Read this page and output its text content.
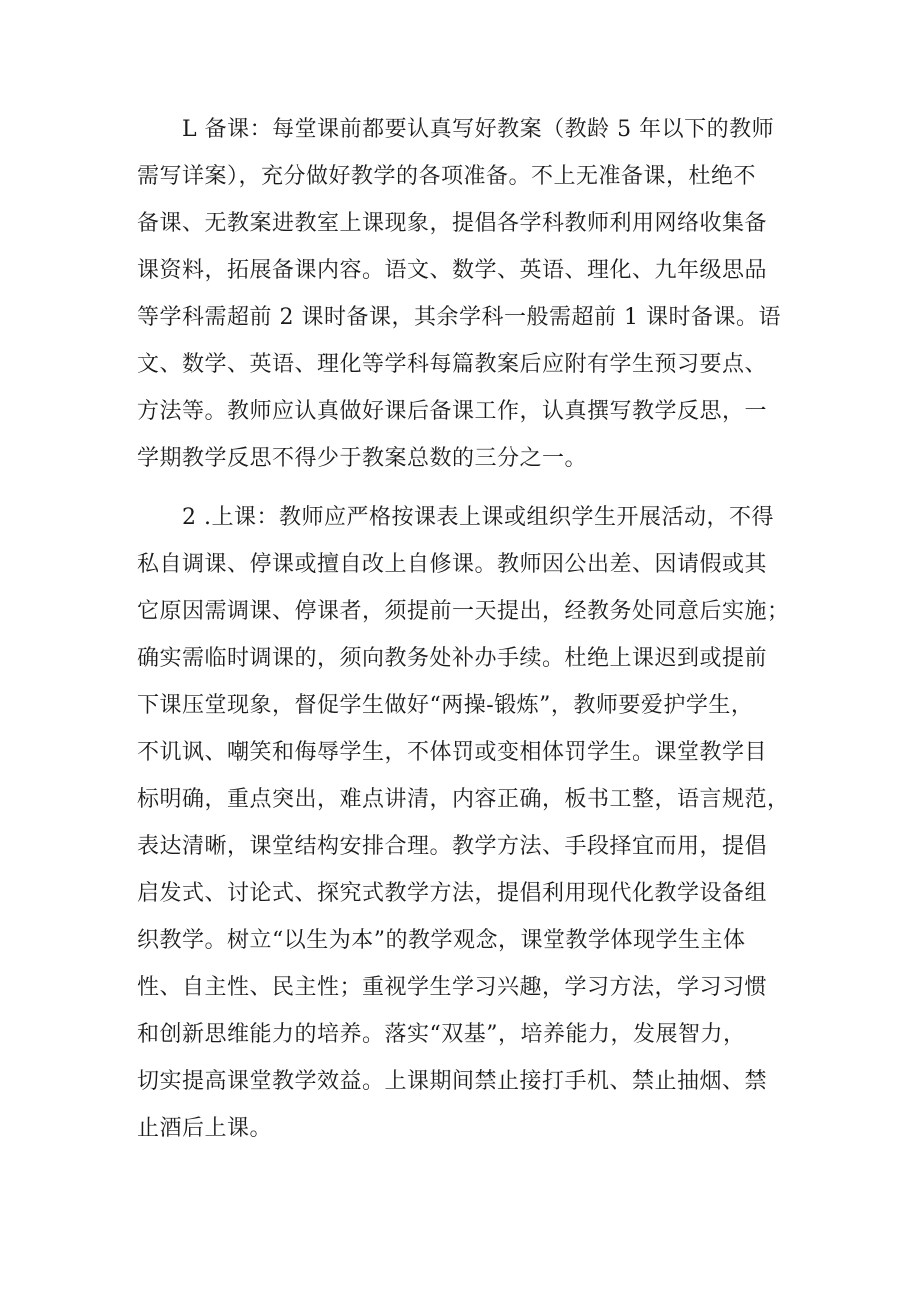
L 备课：每堂课前都要认真写好教案（教龄 5 年以下的教师
需写详案），充分做好教学的各项准备。不上无准备课，杜绝不
备课、无教案进教室上课现象，提倡各学科教师利用网络收集备
课资料，拓展备课内容。语文、数学、英语、理化、九年级思品
等学科需超前 2 课时备课，其余学科一般需超前 1 课时备课。语
文、数学、英语、理化等学科每篇教案后应附有学生预习要点、
方法等。教师应认真做好课后备课工作，认真撰写教学反思，一
学期教学反思不得少于教案总数的三分之一。
2 .上课：教师应严格按课表上课或组织学生开展活动，不得
私自调课、停课或擅自改上自修课。教师因公出差、因请假或其
它原因需调课、停课者，须提前一天提出，经教务处同意后实施；
确实需临时调课的，须向教务处补办手续。杜绝上课迟到或提前
下课压堂现象，督促学生做好“两操-锻炼”，教师要爱护学生，
不讥讽、嘲笑和侮辱学生，不体罚或变相体罚学生。课堂教学目
标明确，重点突出，难点讲清，内容正确，板书工整，语言规范，
表达清晰，课堂结构安排合理。教学方法、手段择宜而用，提倡
启发式、讨论式、探究式教学方法，提倡利用现代化教学设备组
织教学。树立“以生为本”的教学观念，课堂教学体现学生主体
性、自主性、民主性；重视学生学习兴趣，学习方法，学习习惯
和创新思维能力的培养。落实“双基”，培养能力，发展智力，
切实提高课堂教学效益。上课期间禁止接打手机、禁止抽烟、禁
止酒后上课。
